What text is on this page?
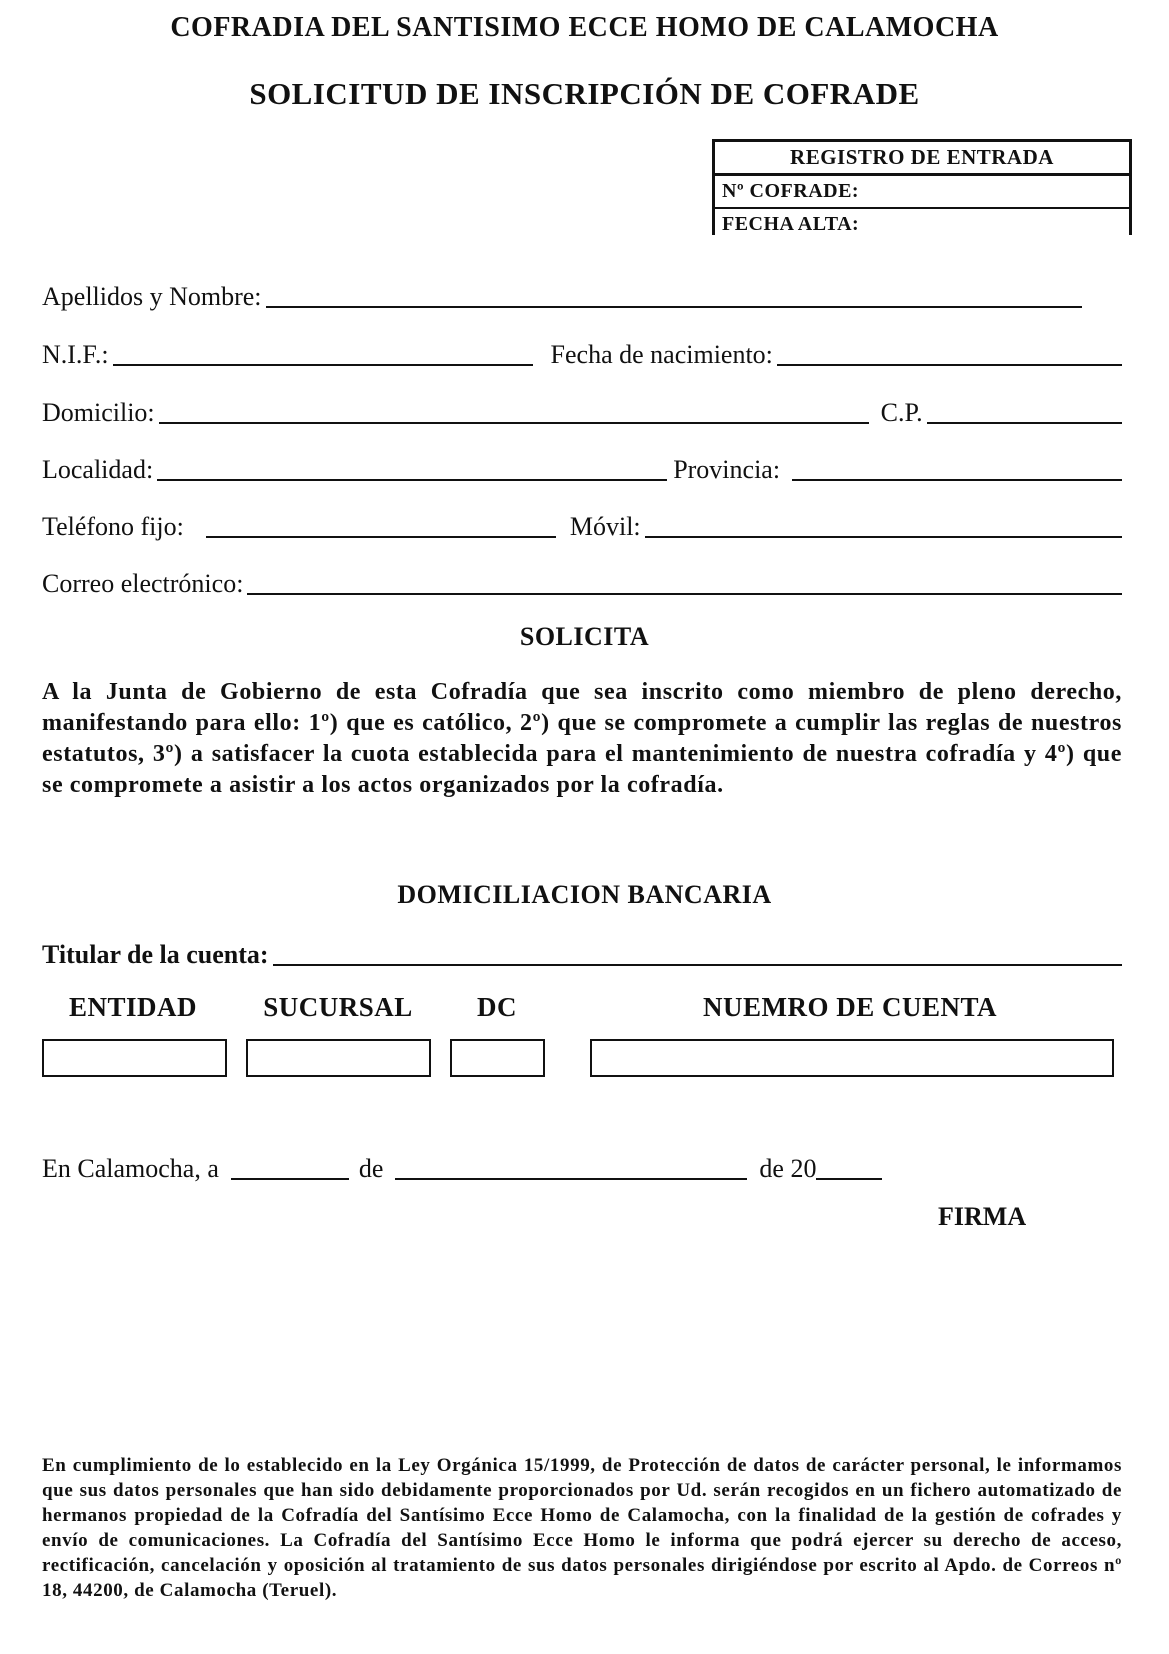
COFRADIA DEL SANTISIMO ECCE HOMO DE CALAMOCHA
SOLICITUD DE INSCRIPCIÓN DE COFRADE
REGISTRO DE ENTRADA
Nº COFRADE:
FECHA ALTA:
Apellidos y Nombre:
N.I.F.:	Fecha de nacimiento:
Domicilio:	C.P.
Localidad:	Provincia:
Teléfono fijo:	Móvil:
Correo electrónico:
SOLICITA
A la Junta de Gobierno de esta Cofradía que sea inscrito como miembro de pleno derecho, manifestando para ello: 1º) que es católico, 2º) que se compromete a cumplir las reglas de nuestros estatutos, 3º) a satisfacer la cuota establecida para el mantenimiento de nuestra cofradía y 4º) que se compromete a asistir a los actos organizados por la cofradía.
DOMICILIACION BANCARIA
Titular de la cuenta:
ENTIDAD	SUCURSAL	DC	NUEMRO DE CUENTA
En Calamocha, a	de	de 20
FIRMA
En cumplimiento de lo establecido en la Ley Orgánica 15/1999, de Protección de datos de carácter personal, le informamos que sus datos personales que han sido debidamente proporcionados por Ud. serán recogidos en un fichero automatizado de hermanos propiedad de la Cofradía del Santísimo Ecce Homo de Calamocha, con la finalidad de la gestión de cofrades y envío de comunicaciones. La Cofradía del Santísimo Ecce Homo le informa que podrá ejercer su derecho de acceso, rectificación, cancelación y oposición al tratamiento de sus datos personales dirigiéndose por escrito al Apdo. de Correos nº 18, 44200, de Calamocha (Teruel).
